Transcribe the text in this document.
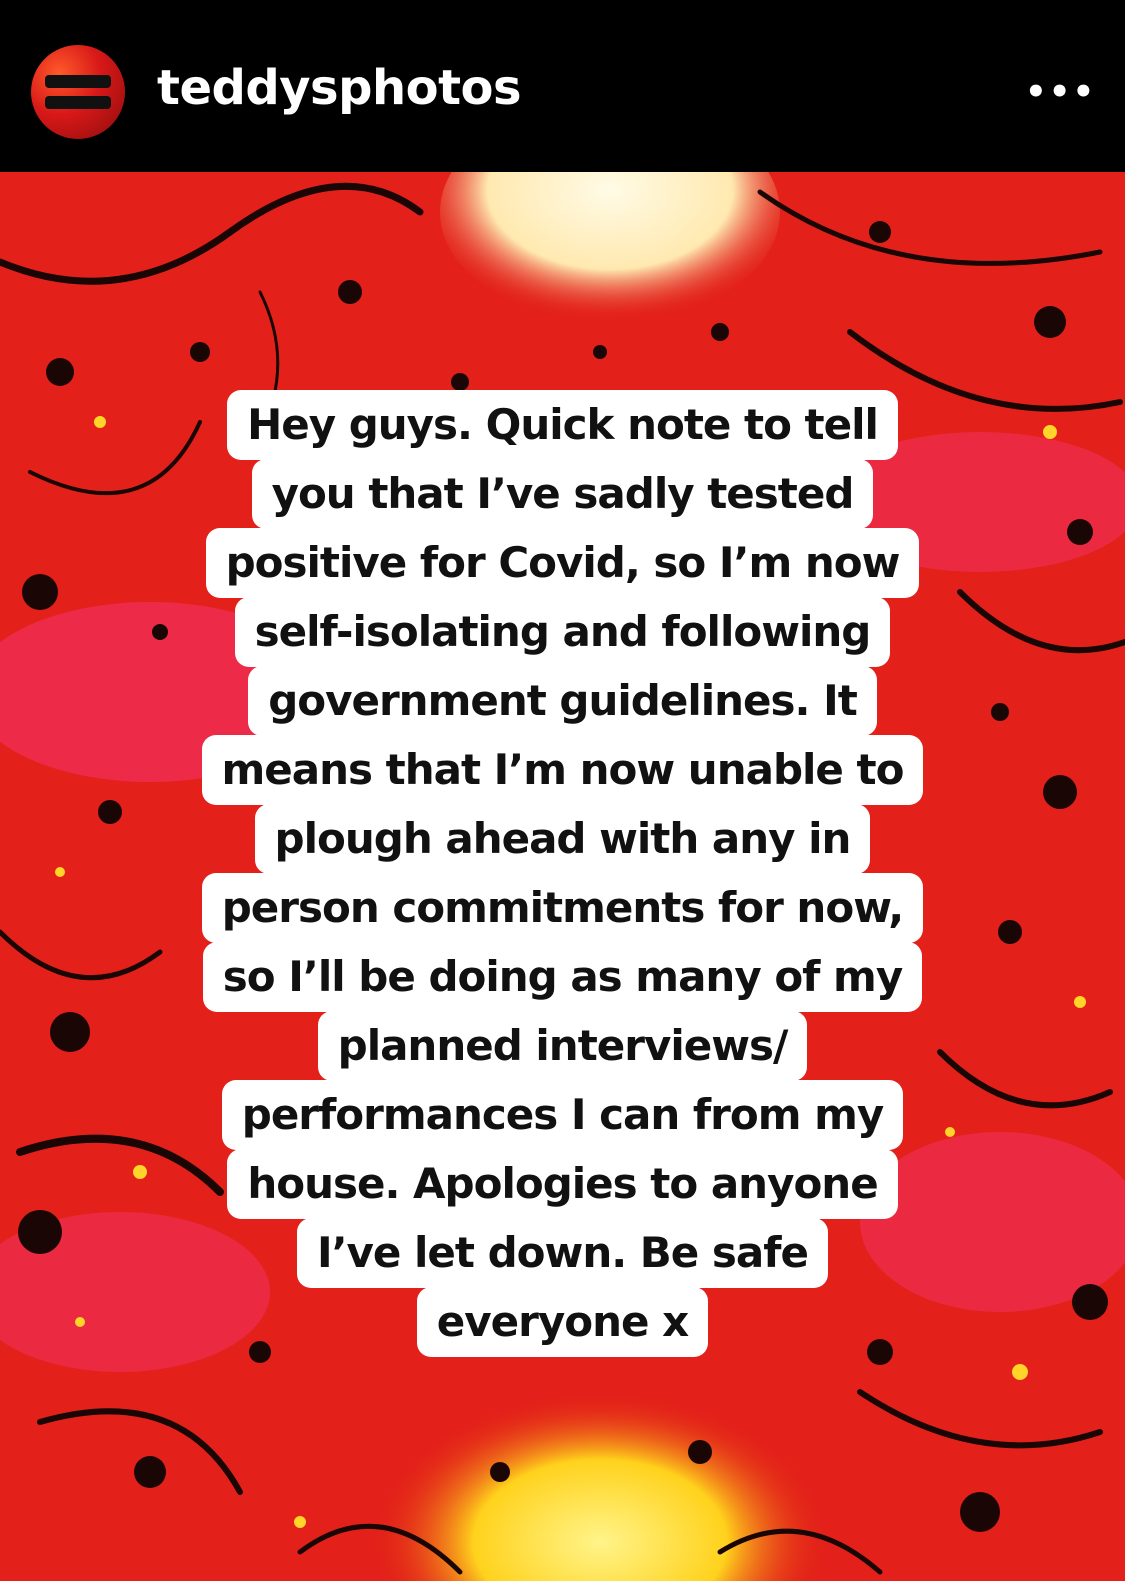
teddysphotos	•••
Hey guys. Quick note to tell
you that I’ve sadly tested
positive for Covid, so I’m now
self-isolating and following
government guidelines. It
means that I’m now unable to
plough ahead with any in
person commitments for now,
so I’ll be doing as many of my
planned interviews/
performances I can from my
house. Apologies to anyone
I’ve let down. Be safe
everyone x
